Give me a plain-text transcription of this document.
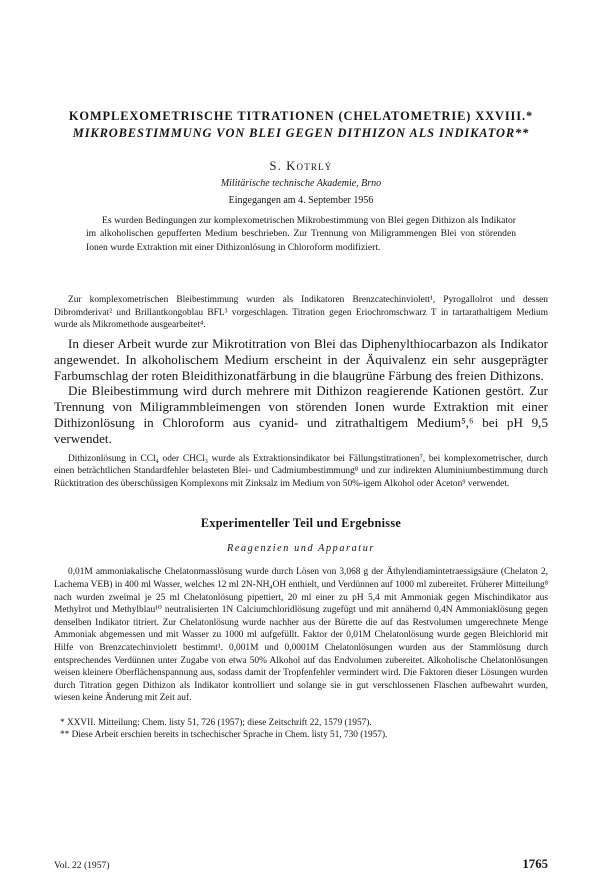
KOMPLEXOMETRISCHE TITRATIONEN (CHELATOMETRIE) XXVIII.*

MIKROBESTIMMUNG VON BLEI GEGEN DITHIZON ALS INDIKATOR**

S. Kotrlý
Militärische technische Akademie, Brno
Eingegangen am 4. September 1956

Es wurden Bedingungen zur komplexometrischen Mikrobestimmung von Blei gegen Dithizon als Indikator im alkoholischen gepufferten Medium beschrieben. Zur Trennung von Miligrammengen Blei von störenden Ionen wurde Extraktion mit einer Dithizonlösung in Chloroform modifiziert.

Zur komplexometrischen Bleibestimmung wurden als Indikatoren Brenzcatechinviolett¹, Pyrogallolrot und dessen Dibromderivat² und Brillantkongoblau BFL³ vorgeschlagen. Titration gegen Eriochromschwarz T in tartarathaltigem Medium wurde als Mikromethode ausgearbeitet⁴.

In dieser Arbeit wurde zur Mikrotitration von Blei das Diphenylthiocarbazon als Indikator angewendet. In alkoholischem Medium erscheint in der Äquivalenz ein sehr ausgeprägter Farbumschlag der roten Bleidithizonatfärbung in die blaugrüne Färbung des freien Dithizons.

Die Bleibestimmung wird durch mehrere mit Dithizon reagierende Kationen gestört. Zur Trennung von Miligrammbleimengen von störenden Ionen wurde Extraktion mit einer Dithizonlösung in Chloroform aus cyanid- und zitrathaltigem Medium⁵,⁶ bei pH 9,5 verwendet.

Dithizonlösung in CCl₄ oder CHCl₃ wurde als Extraktionsindikator bei Fällungstitrationen⁷, bei komplexometrischer, durch einen beträchtlichen Standardfehler belasteten Blei- und Cadmiumbestimmung⁸ und zur indirekten Aluminiumbestimmung durch Rücktitration des überschüssigen Komplexons mit Zinksalz im Medium von 50%-igem Alkohol oder Aceton⁹ verwendet.

Experimenteller Teil und Ergebnisse
Reagenzien und Apparatur

0,01M ammoniakalische Chelatonmasslösung wurde durch Lösen von 3,068 g der Äthylendiamintetraessigsäure (Chelaton 2, Lachema VEB) in 400 ml Wasser, welches 12 ml 2N-NH₄OH enthielt, und Verdünnen auf 1000 ml zubereitet. Früherer Mitteilung⁸ nach wurden zweimal je 25 ml Chelatonlösung pipettiert, 20 ml einer zu pH 5,4 mit Ammoniak gegen Mischindikator aus Methylrot und Methylblau¹⁰ neutralisierten 1N Calciumchloridlösung zugefügt und mit annähernd 0,4N Ammoniaklösung gegen denselben Indikator titriert. Zur Chelatonlösung wurde nachher aus der Bürette die auf das Restvolumen umgerechnete Menge Ammoniak abgemessen und mit Wasser zu 1000 ml aufgefüllt. Faktor der 0,01M Chelatonlösung wurde gegen Bleichlorid mit Hilfe von Brenzcatechinviolett bestimmt¹. 0,001M und 0,0001M Chelatonlösungen wurden aus der Stammlösung durch entsprechendes Verdünnen unter Zugabe von etwa 50% Alkohol auf das Endvolumen zubereitet. Alkoholische Chelatonlösungen weisen kleinere Oberflächenspannung aus, sodass damit der Tropfenfehler vermindert wird. Die Faktoren dieser Lösungen wurden durch Titration gegen Dithizon als Indikator kontrolliert und solange sie in gut verschlossenen Flaschen aufbewahrt wurden, wiesen keine Änderung mit Zeit auf.

* XXVII. Mitteilung: Chem. listy 51, 726 (1957); diese Zeitschrift 22, 1579 (1957).

** Diese Arbeit erschien bereits in tschechischer Sprache in Chem. listy 51, 730 (1957).

Vol. 22 (1957)	1765
